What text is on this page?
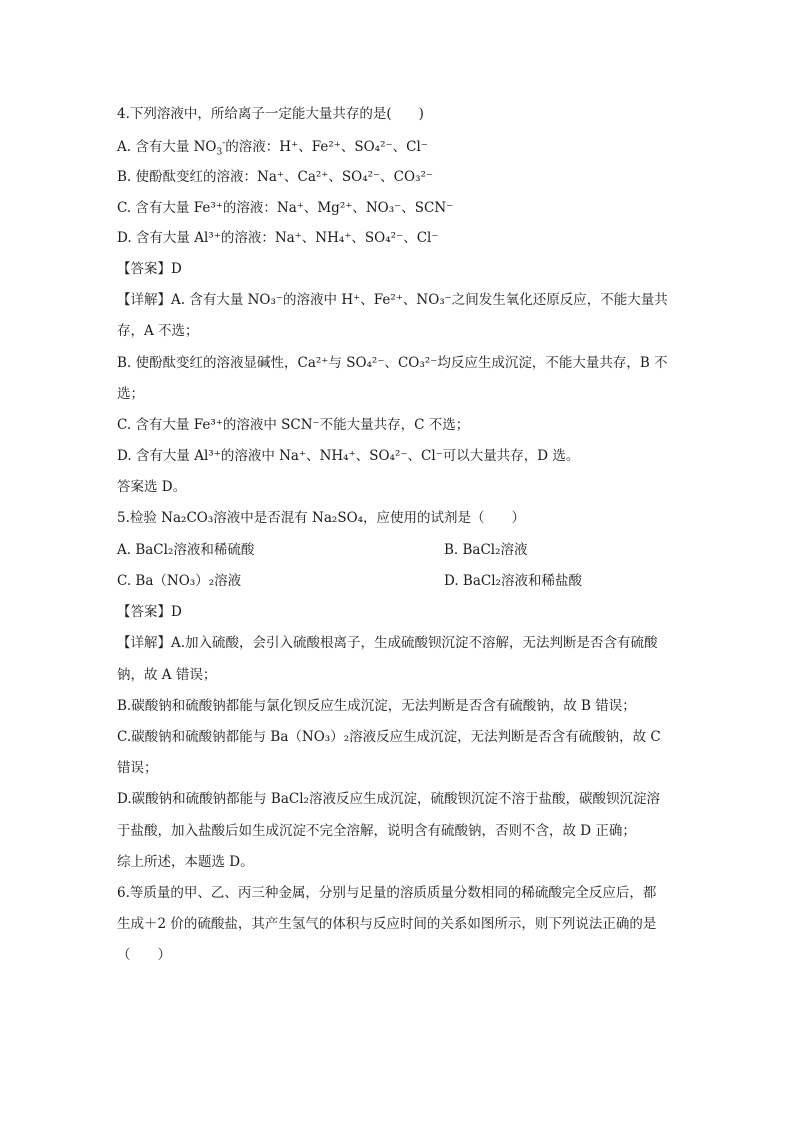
4.下列溶液中，所给离子一定能大量共存的是(　　)
A. 含有大量 $NO_3^-$的溶液：H⁺、Fe²⁺、SO₄²⁻、Cl⁻
B. 使酚酞变红的溶液：Na⁺、Ca²⁺、SO₄²⁻、CO₃²⁻
C. 含有大量 Fe³⁺的溶液：Na⁺、Mg²⁺、NO₃⁻、SCN⁻
D. 含有大量 Al³⁺的溶液：Na⁺、NH₄⁺、SO₄²⁻、Cl⁻
【答案】D
【详解】A. 含有大量 NO₃⁻的溶液中 H⁺、Fe²⁺、NO₃⁻之间发生氧化还原反应，不能大量共
存，A 不选；
B. 使酚酞变红的溶液显碱性，Ca²⁺与 SO₄²⁻、CO₃²⁻均反应生成沉淀，不能大量共存，B 不
选；
C. 含有大量 Fe³⁺的溶液中 SCN⁻不能大量共存，C 不选；
D. 含有大量 Al³⁺的溶液中 Na⁺、NH₄⁺、SO₄²⁻、Cl⁻可以大量共存，D 选。
答案选 D。
5.检验 Na₂CO₃溶液中是否混有 Na₂SO₄，应使用的试剂是（　　）
A. BaCl₂溶液和稀硫酸	B. BaCl₂溶液
C. Ba（NO₃）₂溶液	D. BaCl₂溶液和稀盐酸
【答案】D
【详解】A.加入硫酸，会引入硫酸根离子，生成硫酸钡沉淀不溶解，无法判断是否含有硫酸
钠，故 A 错误；
B.碳酸钠和硫酸钠都能与氯化钡反应生成沉淀，无法判断是否含有硫酸钠，故 B 错误；
C.碳酸钠和硫酸钠都能与 Ba（NO₃）₂溶液反应生成沉淀，无法判断是否含有硫酸钠，故 C
错误；
D.碳酸钠和硫酸钠都能与 BaCl₂溶液反应生成沉淀，硫酸钡沉淀不溶于盐酸，碳酸钡沉淀溶
于盐酸，加入盐酸后如生成沉淀不完全溶解，说明含有硫酸钠，否则不含，故 D 正确；
综上所述，本题选 D。
6.等质量的甲、乙、丙三种金属，分别与足量的溶质质量分数相同的稀硫酸完全反应后，都
生成＋2 价的硫酸盐，其产生氢气的体积与反应时间的关系如图所示，则下列说法正确的是
（　　）
